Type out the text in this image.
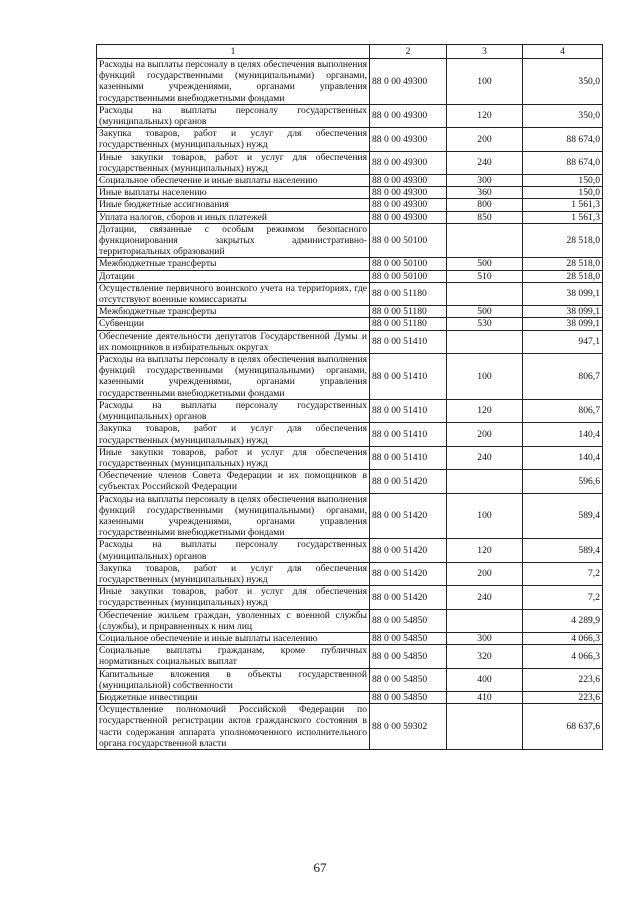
1	2	3	4
Расходы на выплаты персоналу в целях обеспечения выполнения функций государственными (муниципальными) органами, казенными учреждениями, органами управления государственными внебюджетными фондами	88 0 00 49300	100	350,0
Расходы на выплаты персоналу государственных (муниципальных) органов	88 0 00 49300	120	350,0
Закупка товаров, работ и услуг для обеспечения государственных (муниципальных) нужд	88 0 00 49300	200	88 674,0
Иные закупки товаров, работ и услуг для обеспечения государственных (муниципальных) нужд	88 0 00 49300	240	88 674,0
Социальное обеспечение и иные выплаты населению	88 0 00 49300	300	150,0
Иные выплаты населению	88 0 00 49300	360	150,0
Иные бюджетные ассигнования	88 0 00 49300	800	1 561,3
Уплата налогов, сборов и иных платежей	88 0 00 49300	850	1 561,3
Дотации, связанные с особым режимом безопасного функционирования закрытых административно-территориальных образований	88 0 00 50100		28 518,0
Межбюджетные трансферты	88 0 00 50100	500	28 518,0
Дотации	88 0 00 50100	510	28 518,0
Осуществление первичного воинского учета на территориях, где отсутствуют военные комиссариаты	88 0 00 51180		38 099,1
Межбюджетные трансферты	88 0 00 51180	500	38 099,1
Субвенции	88 0 00 51180	530	38 099,1
Обеспечение деятельности депутатов Государственной Думы и их помощников в избирательных округах	88 0 00 51410		947,1
Расходы на выплаты персоналу в целях обеспечения выполнения функций государственными (муниципальными) органами, казенными учреждениями, органами управления государственными внебюджетными фондами	88 0 00 51410	100	806,7
Расходы на выплаты персоналу государственных (муниципальных) органов	88 0 00 51410	120	806,7
Закупка товаров, работ и услуг для обеспечения государственных (муниципальных) нужд	88 0 00 51410	200	140,4
Иные закупки товаров, работ и услуг для обеспечения государственных (муниципальных) нужд	88 0 00 51410	240	140,4
Обеспечение членов Совета Федерации и их помощников в субъектах Российской Федерации	88 0 00 51420		596,6
Расходы на выплаты персоналу в целях обеспечения выполнения функций государственными (муниципальными) органами, казенными учреждениями, органами управления государственными внебюджетными фондами	88 0 00 51420	100	589,4
Расходы на выплаты персоналу государственных (муниципальных) органов	88 0 00 51420	120	589,4
Закупка товаров, работ и услуг для обеспечения государственных (муниципальных) нужд	88 0 00 51420	200	7,2
Иные закупки товаров, работ и услуг для обеспечения государственных (муниципальных) нужд	88 0 00 51420	240	7,2
Обеспечение жильем граждан, уволенных с военной службы (службы), и приравненных к ним лиц	88 0 00 54850		4 289,9
Социальное обеспечение и иные выплаты населению	88 0 00 54850	300	4 066,3
Социальные выплаты гражданам, кроме публичных нормативных социальных выплат	88 0 00 54850	320	4 066,3
Капитальные вложения в объекты государственной (муниципальной) собственности	88 0 00 54850	400	223,6
Бюджетные инвестиции	88 0 00 54850	410	223,6
Осуществление полномочий Российской Федерации по государственной регистрации актов гражданского состояния в части содержания аппарата уполномоченного исполнительного органа государственной власти	88 0 00 59302		68 637,6
67
